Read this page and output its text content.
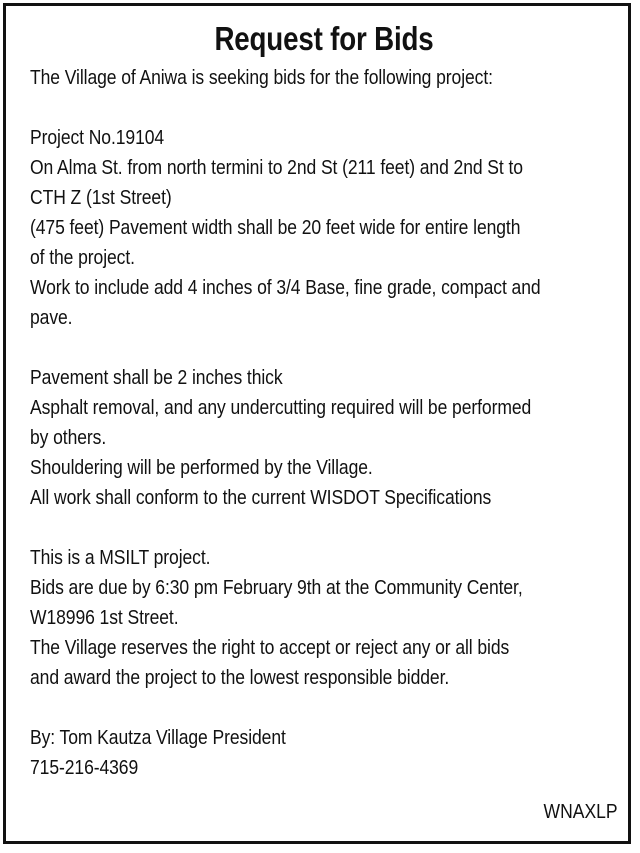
Request for Bids

The Village of Aniwa is seeking bids for the following project:

Project No.19104
On Alma St. from north termini to 2nd St (211 feet) and 2nd St to
CTH Z (1st Street)
(475 feet) Pavement width shall be 20 feet wide for entire length
of the project.
Work to include add 4 inches of 3/4 Base, fine grade, compact and
pave.

Pavement shall be 2 inches thick
Asphalt removal, and any undercutting required will be performed
by others.
Shouldering will be performed by the Village.
All work shall conform to the current WISDOT Specifications

This is a MSILT project.
Bids are due by 6:30 pm February 9th at the Community Center,
W18996 1st Street.
The Village reserves the right to accept or reject any or all bids
and award the project to the lowest responsible bidder.

By: Tom Kautza Village President
715-216-4369

WNAXLP
